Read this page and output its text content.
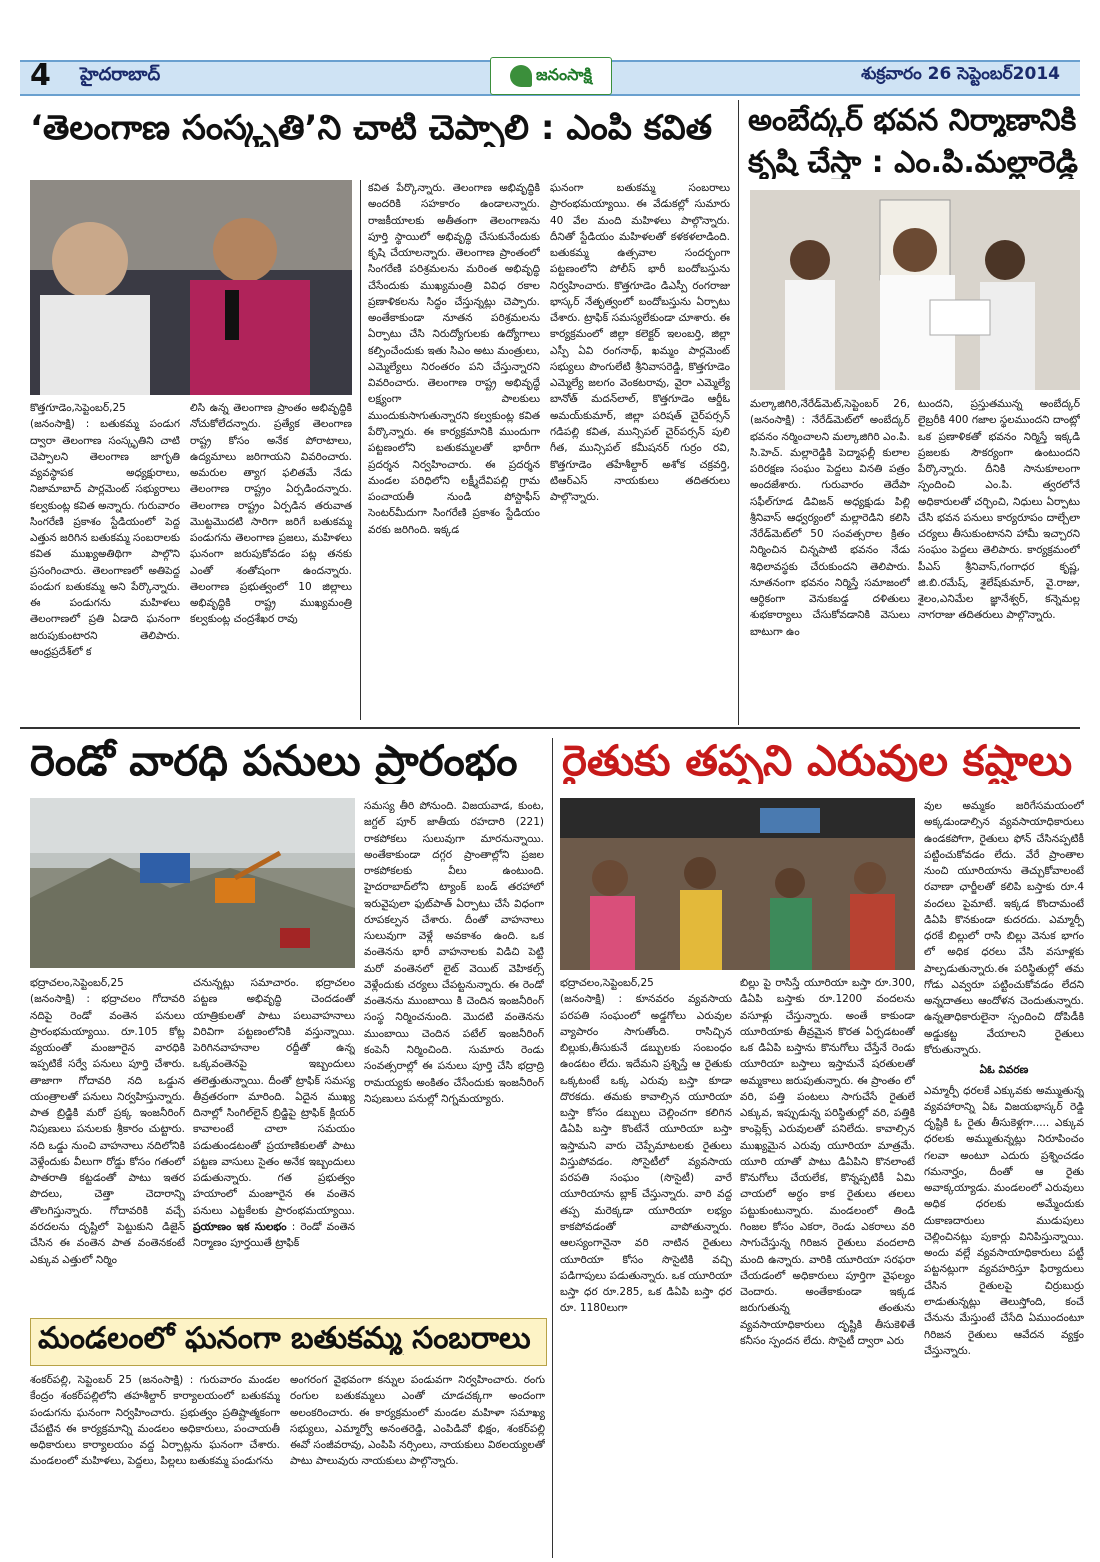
4 హైదరాబాద్	జనంసాక్షి	శుక్రవారం 26 సెప్టెంబర్2014
‘తెలంగాణ సంస్కృతి’ని చాటి చెప్పాలి : ఎంపి కవిత
కొత్తగూడెం,సెప్టెంబర్,25
(జనంసాక్షి) : బతుకమ్మ పండుగ ద్వారా తెలంగాణ సంస్కృతిని చాటి చెప్పాలని తెలంగాణ జాగృతి వ్యవస్థాపక అధ్యక్షురాలు, నిజామాబాద్‌ పార్లమెంట్‌ సభ్యురాలు కల్వకుంట్ల కవిత అన్నారు. గురువారం సింగరేణి ప్రకాశం స్టేడియంలో పెద్ద ఎత్తున జరిగిన బతుకమ్మ సంబరాలకు కవిత ముఖ్యఅతిథిగా పాల్గొని ప్రసంగించారు. తెలంగాణలో అతిపెద్ద పండుగ బతుకమ్మ అని పేర్కొన్నారు. ఈ పండుగను మహిళలు తెలంగాణలో ప్రతి ఏడాది ఘనంగా జరుపుకుంటారని తెలిపారు. ఆంధ్రప్రదేశ్‌లో క
లిసి ఉన్న తెలంగాణ ప్రాంతం అభివృద్ధికి నోచుకోలేదన్నారు. ప్రత్యేక తెలంగాణ రాష్ట్ర కోసం అనేక పోరాటాలు, ఉద్యమాలు జరిగాయని వివరించారు. అమరుల త్యాగ ఫలితమే నేడు తెలంగాణ రాష్ట్రం ఏర్పడిందన్నారు. తెలంగాణ రాష్ట్రం ఏర్పడిన తరువాత మొట్టమొదటి సారిగా జరిగే బతుకమ్మ పండుగను తెలంగాణ ప్రజలు, మహిళలు ఘనంగా జరుపుకోవడం పట్ల తనకు ఎంతో శంతోషంగా ఉందన్నారు. తెలంగాణ ప్రభుత్వంలో 10 జిల్లాలు అభివృద్ధికి రాష్ట్ర ముఖ్యమంత్రి కల్వకుంట్ల చంద్రశేఖర రావు
కవిత పేర్కొన్నారు. తెలంగాణ అభివృద్ధికి అందరికి సహకారం ఉండాలన్నారు. రాజకీయాలకు అతీతంగా తెలంగాణను పూర్తి స్థాయిలో అభివృద్ధి చేసుకునేందుకు కృషి చేయాలన్నారు. తెలంగాణ ప్రాంతంలో సింగరేణి పరిశ్రమలను మరింత అభివృద్ధి చేసేందుకు ముఖ్యమంత్రి వివిధ రకాల ప్రణాళికలను సిద్ధం చేస్తున్నట్లు చెప్పారు. అంతేకాకుండా నూతన పరిశ్రమలను ఏర్పాటు చేసి నిరుద్యోగులకు ఉద్యోగాలు కల్పించేందుకు ఇతు సిఎం అటు మంత్రులు, ఎమ్మెల్యేలు నిరంతరం పని చేస్తున్నారని వివరించారు. తెలంగాణ రాష్ట్ర అభివృద్ధే లక్ష్యంగా పాలకులు ముందుకుసాగుతున్నారని కల్వకుంట్ల కవిత పేర్కొన్నారు. ఈ కార్యక్రమానికి ముందుగా పట్టణంలోని బతుకమ్మలతో భారీగా ప్రదర్శన నిర్వహించారు. ఈ ప్రదర్శన మండల పరిధిలోని లక్ష్మీదేవిపల్లి గ్రామ పంచాయతీ నుండి పోస్టాఫీస్‌ సెంటర్‌మీదుగా సింగరేణి ప్రకాశం స్టేడియం వరకు జరిగింది. ఇక్కడ
ఘనంగా బతుకమ్మ సంబరాలు ప్రారంభమయ్యాయి. ఈ వేడుకల్లో సుమారు 40 వేల మంది మహిళలు పాల్గొన్నారు. దీనితో స్టేడియం మహిళలతో కళకళలాడింది. బతుకమ్మ ఉత్సవాల సందర్భంగా పట్టణంలోని పోలీస్‌ భారీ బందోబస్తును నిర్వహించారు. కొత్తగూడెం డిఎస్పీ రంగరాజు భాస్కర్‌ నేతృత్వంలో బందోబస్తును ఏర్పాటు చేశారు. ట్రాఫిక్‌ సమస్యలేకుండా చూశారు. ఈ కార్యక్రమంలో జిల్లా కలెక్టర్‌ ఇలంబర్తి, జిల్లా ఎస్పీ ఏవి రంగనాథ్‌, ఖమ్మం పార్లమెంట్‌ సభ్యులు పొంగులేటి శ్రీనివాసరెడ్డి, కొత్తగూడెం ఎమ్మెల్యే జలగం వెంకటరావు, వైరా ఎమ్మెల్యే బానోత్‌ మదన్‌లాల్‌, కొత్తగూడెం ఆర్డీఓ అమయ్‌కుమార్‌, జిల్లా పరిషత్‌ చైర్‌పర్సన్‌ గడిపల్లి కవిత, మున్సిపల్‌ చైర్‌పర్సన్‌ పులి గీత, మున్సిపల్‌ కమీషనర్‌ గుర్రం రవి, కొత్తగూడెం తహేశీల్దార్‌ అశోక చక్రవర్తి, టిఆర్‌ఎస్‌ నాయకులు తదితరులు పాల్గొన్నారు.
అంబేద్కర్‌ భవన నిర్మాణానికి
కృషి చేస్తా : ఎం.పి.మల్లారెడ్డి
మల్కాజిగిరి,నేరేడ్‌మెట్‌,సెప్టెంబర్‌ 26,(జనంసాక్షి) : నేరేడ్‌మెట్‌లో అంబేద్కర్‌ భవనం నర్మించాలని మల్కాజిగిరి ఎం.పి. సి.హెచ్‌. మల్లారెడ్డికి పెద్మాఫల్లీ కులాల పరిరక్షణ సంఘం పెద్దలు వినతి పత్రం అందజేశారు. గురువారం తెదేపా సఫీల్‌గూడ డివిజన్‌ అధ్యక్షుడు పిల్లి శ్రీనివాస్‌ ఆధ్వర్యంలో మల్లారెడిని కలిసి నేరేడ్‌మెట్‌లో 50 సంవత్సరాల క్రితం నిర్మించిన చిన్నపాటి భవనం నేడు శిధిలావస్థకు చేరుకుందని తెలిపారు. నూతనంగా భవనం నిర్మిస్తే సమాజంలో ఆర్ధికంగా వెనుకబడ్డ దళితులు శుభకార్యాలు చేసుకోవడానికి వెసులు బాటుగా ఉం
టుందని, ప్రస్తుతమున్న అంబేద్కర్‌ లైబ్రరీకి 400 గజాల స్థలముందని దాంట్లో ఒక ప్రణాళికతో భవనం నిర్మిస్తే ఇక్కడి ప్రజలకు సౌకర్యంగా ఉంటుందని పేర్కొన్నారు. దీనికి సానుకూలంగా స్పందించి ఎం.పి. త్వరలోనే అధికారులతో చర్చించి, నిధులు ఏర్పాటు చేసి భవన పనులు కార్యరూపం దాల్చేలా చర్యలు తీసుకుంటానని హామీ ఇచ్చారని సంఘం పెద్దలు తెలిపారు. కార్యక్రమంలో పీఎస్‌ శ్రీనివాస్‌,గంగాధర కృష్ణ, జి.బి.రమేష్‌, శైలేష్‌కుమార్‌, వై.రాజు, శైలం,ఎనిమేల జ్ఞానేశ్వర్‌, కన్నెమల్ల నాగరాజు తదితరులు పాల్గొన్నారు.
రెండో వారధి పనులు ప్రారంభం
భద్రాచలం,సెప్టెంబర్‌,25
(జనంసాక్షి) : భద్రాచలం గోదావరి నదిపై రెండో వంతెన పనులు ప్రారంభమయ్యాయి. రూ.105 కోట్ల వ్యయంతో మంజూరైన వారధికి ఇప్పటికే సర్వే పనులు పూర్తి చేశారు. తాజాగా గోదావరి నది ఒడ్డున యంత్రాలతో పనులు నిర్వహిస్తున్నారు. పాత బ్రిడ్జికి మరో ప్రక్క ఇంజనీరింగ్‌ నిపుణులు పనులకు శ్రీకారం చుట్టారు. నది ఒడ్డు నుంచి వాహనాలు నదిలోనికి వెళ్లేందుకు వీలుగా రోడ్డు కోసం గతంలో పాతరాతి కట్టడంతో పాటు ఇతర పొదలు, చెత్తా చెదారాన్ని తొలగిస్తున్నారు. గోదావరికి వచ్చే వరదలను దృష్టిలో పెట్టుకుని డిజైన్‌ చేసిన ఈ వంతెన పాత వంతెనకంటే ఎక్కువ ఎత్తులో నిర్మిం
చనున్నట్లు సమాచారం. భద్రాచలం పట్టణ అభివృద్ధి చెందడంతో యాత్రికులతో పాటు పలువాహనాలు విరివిగా పట్టణంలోనికి వస్తున్నాయి. పెరిగినవాహనాల రద్దీతో ఉన్న ఒక్కవంతెనపై ఇబ్బందులు తలెత్తుతున్నాయి. దీంతో ట్రాఫిక్‌ సమస్య తీవ్రతరంగా మారింది. ఏదైన ముఖ్య దినాల్లో సింగిల్‌లైన్‌ బ్రిడ్జిపై ట్రాఫిక్‌ క్లియర్‌ కావాలంటే చాలా సమయం పడుతుండటంతో ప్రయాణికులతో పాటు పట్టణ వాసులు సైతం అనేక ఇబ్బందులు పడుతున్నారు. గత ప్రభుత్వం హయాంలో మంజూరైన ఈ వంతెన పనులు ఎట్టకేలకు ప్రారంభమయ్యాయి. ప్రయాణం ఇక సులభం : రెండో వంతెన నిర్మాణం పూర్తయితే ట్రాఫిక్‌
సమస్య తీరి పోనుంది. విజయవాడ, కుంట, జగ్దల్‌ పూర్‌ జాతీయ రహదారి (221) రాకపోకలు సులువుగా మారనున్నాయి. అంతేకాకుండా దగ్గర ప్రాంతాల్లోని ప్రజల రాకపోకలకు వీలు ఉంటుంది. హైదరాబాద్‌లోని ట్యాంక్‌ బండ్‌ తరహాలో ఇరువైపులా ఫుట్‌పాత్‌ ఏర్పాటు చేసే విధంగా రూపకల్పన చేశారు. దీంతో వాహనాలు సులువుగా వెళ్లే అవకాశం ఉంది. ఒక వంతెనను భారీ వాహనాలకు విడిచి పెట్టి మరో వంతెనలో లైట్‌ వెయిట్‌ వెహికల్స్‌ వెళ్లేందుకు చర్యలు చేపట్టనున్నారు. ఈ రెండో వంతెనను ముంబాయి కి చెందిన ఇంజనీరింగ్‌ సంస్థ నిర్మించనుంది. మొదటి వంతెనను ముంబాయి చెందిన పటేల్‌ ఇంజనీరింగ్‌ కంపెనీ నిర్మించింది. సుమారు రెండు సంవత్సరాల్లో ఈ పనులు పూర్తి చేసి భద్రాద్రి రామయ్యకు అంకితం చేసేందుకు ఇంజనీరింగ్‌ నిపుణులు పనుల్లో నిగ్నమయ్యారు.
రైతుకు తప్పని ఎరువుల కష్టాలు
భద్రాచలం,సెప్టెంబర్‌,25
(జనంసాక్షి) : కూనవరం వ్యవసాయ పరపతి సంఘంలో అడ్డగోలు ఎరువుల వ్యాపారం సాగుతోంది. రాసిచ్చిన బిల్లుకు,తీసుకునే డబ్బులకు సంబంధం ఉండటం లేదు. ఇదేమని ప్రశ్నిస్తే ఆ రైతుకు ఒక్కటంటే ఒక్క ఎరువు బస్తా కూడా దొరకదు. తమకు కావాల్సిన యూరియా బస్తా కోసం డబ్బులు చెల్లించగా కలిగిన డిఏపి బస్తా కొంటేనే యూరియా బస్తా ఇస్తామని వారు చెప్పేమాటలకు రైతులు విస్తుపోవడం. సోసైటీలో వ్యవసాయ పరపతి సంఘం (సొసైటీ) వారే యూరియాను బ్లాక్‌ చేస్తున్నారు. వారి వద్ద తప్ప మరెక్కడా యూరియా లభ్యం కాకపోవడంతో వాపోతున్నారు. ఆలస్యంగానైనా వరి నాటిన రైతులు యూరియా కోసం సొసైటికి వచ్చి పడిగాపులు పడుతున్నారు. ఒక యూరియా బస్తా ధర రూ.285, ఒక డిఏపి బస్తా ధర రూ. 1180లుగా
బిల్లు పై రాసిస్తే యూరియా బస్తా రూ.300, డిఏపి బస్తాకు రూ.1200 వందలను వసూళ్లు చేస్తున్నారు. అంతే కాకుండా యూరియాకు తీవ్రమైన కొరత ఏర్పడటంతో ఒక డిఏపి బస్తాను కొనుగోలు చేస్తేనే రెండు యూరియా బస్తాలు ఇస్తామనే షరతులతో అమ్మకాలు జరుపుతున్నారు. ఈ ప్రాంతం లో వరి, పత్తి పంటలు సాగుచేసే రైతులే ఎక్కువ, ఇప్పుడున్న పరిస్థితుల్లో వరి, పత్తికి కాంప్లెక్స్‌ ఎరువులతో పనిలేదు. కావాల్సిన ముఖ్యమైన ఎరువు యూరియా మాత్రమే. యూరి యాతో పాటు డిఏపిని కొనలాంటే కొనుగోలు చేయలేక, కొన్నప్పటికీ ఏమి చాయలో అర్ధం కాక రైతులు తలలు పట్టుకుంటున్నారు. మండలంలో తిండి గింజల కోసం ఎకరా, రెండు ఎకరాలు వరి సాగుచేస్తున్న గిరిజన రైతులు వందలాది మంది ఉన్నారు. వారికి యూరియా సరఫరా చేయడంలో అధికారులు పూర్తిగా వైఫల్యం చెందారు. అంతేకాకుండా ఇక్కడ జరుగుతున్న తంతును వ్యవసాయాధికారులు దృష్టికి తీసుకెళితే కనీసం స్పందన లేదు. సొసైటీ ద్వారా ఎరు
వుల అమ్మకం జరిగేసమయంలో అక్కడుండాల్సిన వ్యవసాయాధికారులు ఉండకపోగా, రైతులు ఫోన్‌ చేసినప్పటికీ పట్టించుకోవడం లేదు. వేరే ప్రాంతాల నుంచి యూరియాను తెచ్చుకోవాలంటే రవాణా ఛార్జీలతో కలిపి బస్తాకు రూ.4 వందలు పైమాటే. ఇక్కడ కొందామంటే డిఏపి కొనకుండా కుదరదు. ఎమ్మార్పీ ధరకే బిల్లులో రాసి బిల్లు వెనుక భాగం లో అధిక ధరలు వేసి వసూళ్లకు పాల్పడుతున్నారు.ఈ పరిస్థితుల్లో తమ గోడు ఎవ్వరూ పట్టించుకోవడం లేదని అన్నదాతలు ఆందోళన చెందుతున్నారు. ఉన్నతాధికారులైనా స్పందించి దోపిడీకి అడ్డుకట్ట వేయాలని రైతులు కోరుతున్నారు.
ఏఓ వివరణ
ఎమ్మార్పీ ధరలకే ఎక్కువకు అమ్ముతున్న వ్యవహారాన్ని ఏఓ విజయభాస్కర్‌ రెడ్డి దృష్టికి ఓ రైతు తీసుకెళ్లగా..... ఎక్కువ ధరలకు అమ్ముతున్నట్లు నిరూపించం గలవా అంటూ ఎదురు ప్రశ్నించడం గమనార్హం, దీంతో ఆ రైతు అవాక్కయ్యాడు. మండలంలో ఎరువులు అధిక ధరలకు అమ్మేందుకు దుకాణదారులు ముడుపులు చెల్లించినట్లు పుకార్లు వినిపిస్తున్నాయి. అందు వల్లే వ్యవసాయాధికారులు పట్టీ పట్టనట్లుగా వ్యవహరిస్తూ ఫిర్యాదులు చేసిన రైతులపై చిర్రుబుర్రు లాడుతున్నట్లు తెలుస్తోంది, కంచే చేనును మేస్తుంటే చేసేది ఏముందంటూ గిరిజన రైతులు ఆవేదన వ్యక్తం చేస్తున్నారు.
మండలంలో ఘనంగా బతుకమ్మ సంబరాలు
శంకర్‌పల్లి, సెప్టెంబర్‌ 25 (జనంసాక్షి) : గురువారం మండల కేంద్రం శంకర్‌పల్లిలోని తహశీల్దార్‌ కార్యాలయంలో బతుకమ్మ పండుగను ఘనంగా నిర్వహించారు. ప్రభుత్వం ప్రతిష్టాత్మకంగా చేపట్టిన ఈ కార్యక్రమాన్ని మండలం అధికారులు, పంచాయతీ అధికారులు కార్యాలయం వద్ద ఏర్పాట్లను ఘనంగా చేశారు. మండలంలో మహిళలు, పెద్దలు, పిల్లలు బతుకమ్మ పండుగను
అంగరంగ వైభవంగా కన్నుల పండువగా నిర్వహించారు. రంగు రంగుల బతుకమ్మలు ఎంతో చూడచక్కగా అందంగా అలంకరించారు. ఈ కార్యక్రమంలో మండల మహిళా సమాఖ్య సభ్యులు, ఎమ్మార్వో అనంతరెడ్డి, ఎంపిడివో భిక్షం, శంకర్‌పల్లి ఈవో సంజీవరావు, ఎంపిపి నర్సింలు, నాయకులు విఠలయ్యలతో పాటు పాలువురు నాయకులు పాల్గొన్నారు.
